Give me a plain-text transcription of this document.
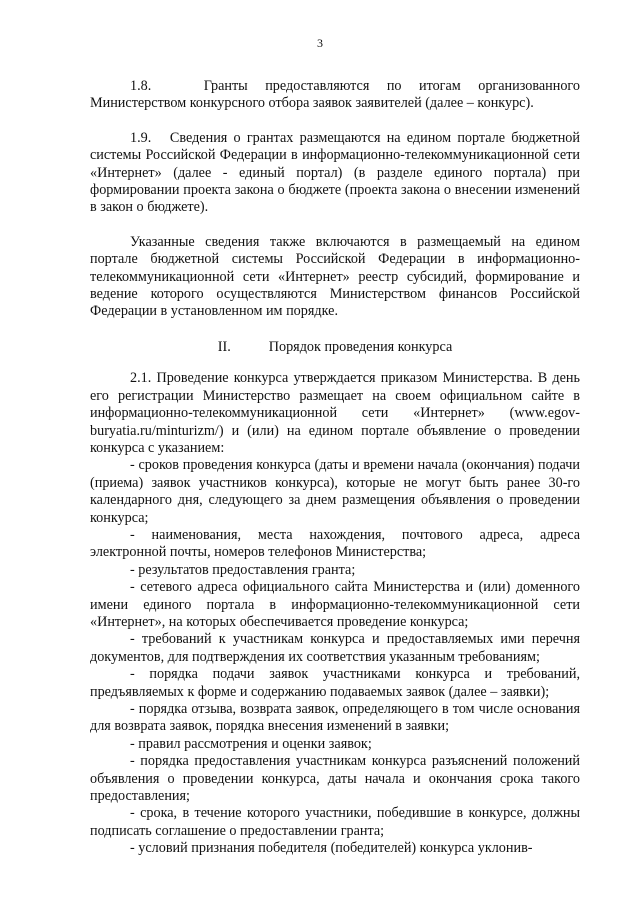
3

1.8.   Гранты предоставляются по итогам организованного Министерством конкурсного отбора заявок заявителей (далее – конкурс).

1.9.   Сведения о грантах размещаются на едином портале бюджетной системы Российской Федерации в информационно-телекоммуникационной сети «Интернет» (далее - единый портал) (в разделе единого портала) при формировании проекта закона о бюджете (проекта закона о внесении изменений в закон о бюджете).

Указанные сведения также включаются в размещаемый на едином портале бюджетной системы Российской Федерации в информационно-телекоммуникационной сети «Интернет» реестр субсидий, формирование и ведение которого осуществляются Министерством финансов Российской Федерации в установленном им порядке.

II.	Порядок проведения конкурса

2.1. Проведение конкурса утверждается приказом Министерства. В день его регистрации Министерство размещает на своем официальном сайте в информационно-телекоммуникационной сети «Интернет» (www.egov-buryatia.ru/minturizm/) и (или) на едином портале объявление о проведении конкурса с указанием:

- сроков проведения конкурса (даты и времени начала (окончания) подачи (приема) заявок участников конкурса), которые не могут быть ранее 30-го календарного дня, следующего за днем размещения объявления о проведении конкурса;

- наименования, места нахождения, почтового адреса, адреса электронной почты, номеров телефонов Министерства;

- результатов предоставления гранта;

- сетевого адреса официального сайта Министерства и (или) доменного имени единого портала в информационно-телекоммуникационной сети «Интернет», на которых обеспечивается проведение конкурса;

- требований к участникам конкурса и предоставляемых ими перечня документов, для подтверждения их соответствия указанным требованиям;

- порядка подачи заявок участниками конкурса и требований, предъявляемых к форме и содержанию подаваемых заявок (далее – заявки);

- порядка отзыва, возврата заявок, определяющего в том числе основания для возврата заявок, порядка внесения изменений в заявки;

- правил рассмотрения и оценки заявок;

- порядка предоставления участникам конкурса разъяснений положений объявления о проведении конкурса, даты начала и окончания срока такого предоставления;

- срока, в течение которого участники, победившие в конкурсе, должны подписать соглашение о предоставлении гранта;

- условий признания победителя (победителей) конкурса уклонив-
